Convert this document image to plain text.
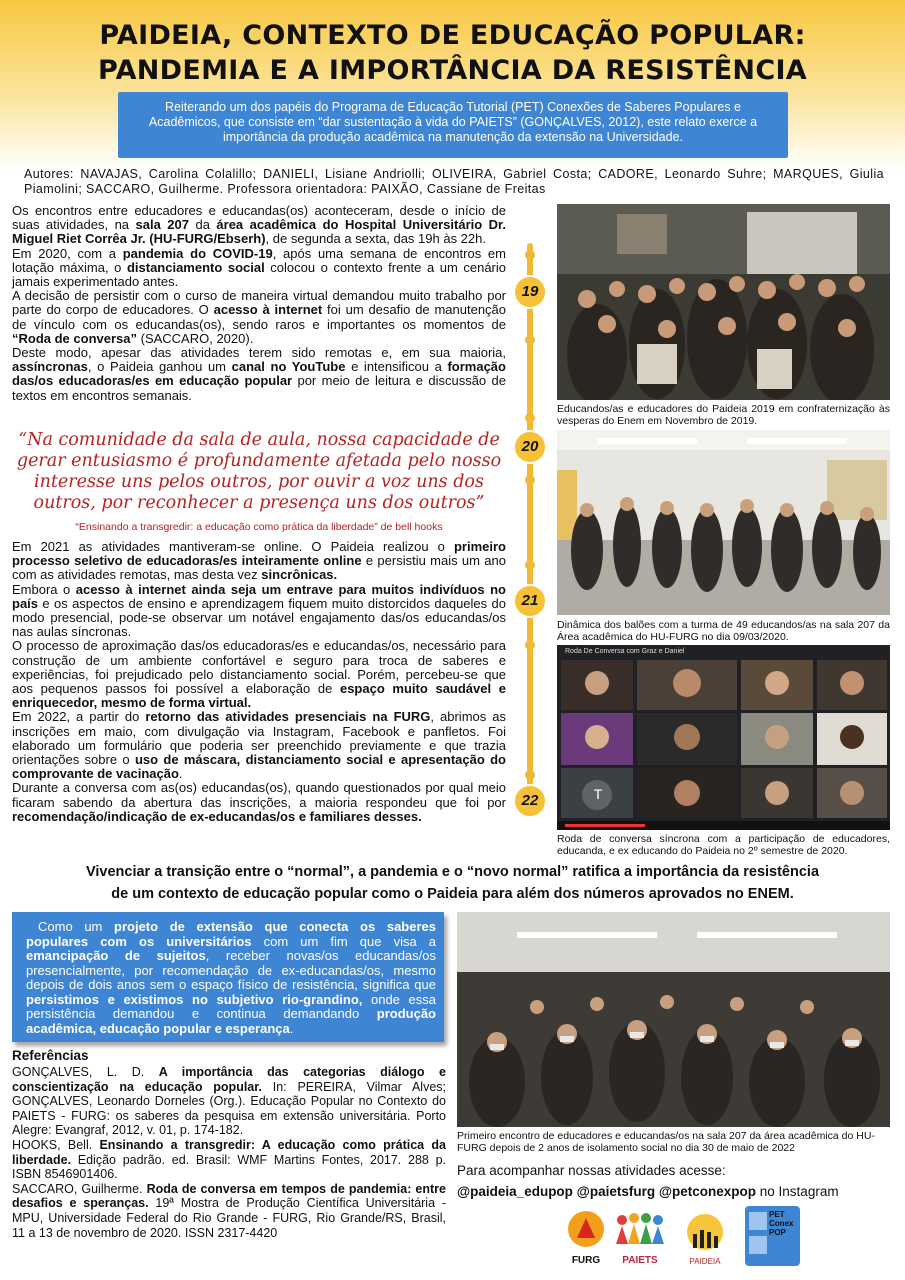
PAIDEIA, CONTEXTO DE EDUCAÇÃO POPULAR:
PANDEMIA E A IMPORTÂNCIA DA RESISTÊNCIA
Reiterando um dos papéis do Programa de Educação Tutorial (PET) Conexões de Saberes Populares e Acadêmicos, que consiste em “dar sustentação à vida do PAIETS” (GONÇALVES, 2012), este relato exerce a importância da produção acadêmica na manutenção da extensão na Universidade.
Autores: NAVAJAS, Carolina Colalillo; DANIELI, Lisiane Andriolli; OLIVEIRA, Gabriel Costa; CADORE, Leonardo Suhre; MARQUES, Giulia Piamolini; SACCARO, Guilherme. Professora orientadora: PAIXÃO, Cassiane de Freitas

Os encontros entre educadores e educandas(os) aconteceram, desde o início de suas atividades, na sala 207 da área acadêmica do Hospital Universitário Dr. Miguel Riet Corrêa Jr. (HU-FURG/Ebserh), de segunda a sexta, das 19h às 22h.

Em 2020, com a pandemia do COVID-19, após uma semana de encontros em lotação máxima, o distanciamento social colocou o contexto frente a um cenário jamais experimentado antes.

A decisão de persistir com o curso de maneira virtual demandou muito trabalho por parte do corpo de educadores. O acesso à internet foi um desafio de manutenção de vínculo com os educandas(os), sendo raros e importantes os momentos de “Roda de conversa” (SACCARO, 2020).

Deste modo, apesar das atividades terem sido remotas e, em sua maioria, assíncronas, o Paideia ganhou um canal no YouTube e intensificou a formação das/os educadoras/es em educação popular por meio de leitura e discussão de textos em encontros semanais.

“Na comunidade da sala de aula, nossa capacidade de gerar entusiasmo é profundamente afetada pelo nosso interesse uns pelos outros, por ouvir a voz uns dos outros, por reconhecer a presença uns dos outros”
“Ensinando a transgredir: a educação como prática da liberdade” de bell hooks

Em 2021 as atividades mantiveram-se online. O Paideia realizou o primeiro processo seletivo de educadoras/es inteiramente online e persistiu mais um ano com as atividades remotas, mas desta vez sincrônicas.

Embora o acesso à internet ainda seja um entrave para muitos indivíduos no país e os aspectos de ensino e aprendizagem fiquem muito distorcidos daqueles do modo presencial, pode-se observar um notável engajamento das/os educandas/os nas aulas síncronas.

O processo de aproximação das/os educadoras/es e educandas/os, necessário para construção de um ambiente confortável e seguro para troca de saberes e experiências, foi prejudicado pelo distanciamento social. Porém, percebeu-se que aos pequenos passos foi possível a elaboração de espaço muito saudável e enriquecedor, mesmo de forma virtual.

Em 2022, a partir do retorno das atividades presenciais na FURG, abrimos as inscrições em maio, com divulgação via Instagram, Facebook e panfletos. Foi elaborado um formulário que poderia ser preenchido previamente e que trazia orientações sobre o uso de máscara, distanciamento social e apresentação do comprovante de vacinação.

Durante a conversa com as(os) educandas(os), quando questionados por qual meio ficaram sabendo da abertura das inscrições, a maioria respondeu que foi por recomendação/indicação de ex-educandas/os e familiares desses.

19
20
21
22
Educandos/as e educadores do Paideia 2019 em confraternização às vesperas do Enem em Novembro de 2019.
Dinâmica dos balões com a turma de 49 educandos/as na sala 207 da Área acadêmica do HU-FURG no dia 09/03/2020.
Roda De Conversa com Graz e Daniel
T
Roda de conversa síncrona com a participação de educadores, educanda, e ex educando do Paideia no 2º semestre de 2020.
Vivenciar a transição entre o “normal”, a pandemia e o “novo normal” ratifica a importância da resistência
de um contexto de educação popular como o Paideia para além dos números aprovados no ENEM.
Como um projeto de extensão que conecta os saberes populares com os universitários com um fim que visa a emancipação de sujeitos, receber novas/os educandas/os presencialmente, por recomendação de ex-educandas/os, mesmo depois de dois anos sem o espaço físico de resistência, significa que persistimos e existimos no subjetivo rio-grandino, onde essa persistência demandou e continua demandando produção acadêmica, educação popular e esperança.
Referências

GONÇALVES, L. D. A importância das categorias diálogo e conscientização na educação popular. In: PEREIRA, Vilmar Alves; GONÇALVES, Leonardo Dorneles (Org.). Educação Popular no Contexto do PAIETS - FURG: os saberes da pesquisa em extensão universitária. Porto Alegre: Evangraf, 2012, v. 01, p. 174-182.

HOOKS, Bell. Ensinando a transgredir: A educação como prática da liberdade. Edição padrão. ed. Brasil: WMF Martins Fontes, 2017. 288 p. ISBN 8546901406.

SACCARO, Guilherme. Roda de conversa em tempos de pandemia: entre desafios e speranças. 19ª Mostra de Produção Científica Universitária - MPU, Universidade Federal do Rio Grande - FURG, Rio Grande/RS, Brasil, 11 a 13 de novembro de 2020. ISSN 2317-4420

Primeiro encontro de educadores e educandas/os na sala 207 da área acadêmica do HU-FURG depois de 2 anos de isolamento social no dia 30 de maio de 2022
Para acompanhar nossas atividades acesse:
@paideia_edupop @paietsfurg @petconexpop no Instagram
FURG	PAIETS	PAIDEIA
PET
Conex
POP
